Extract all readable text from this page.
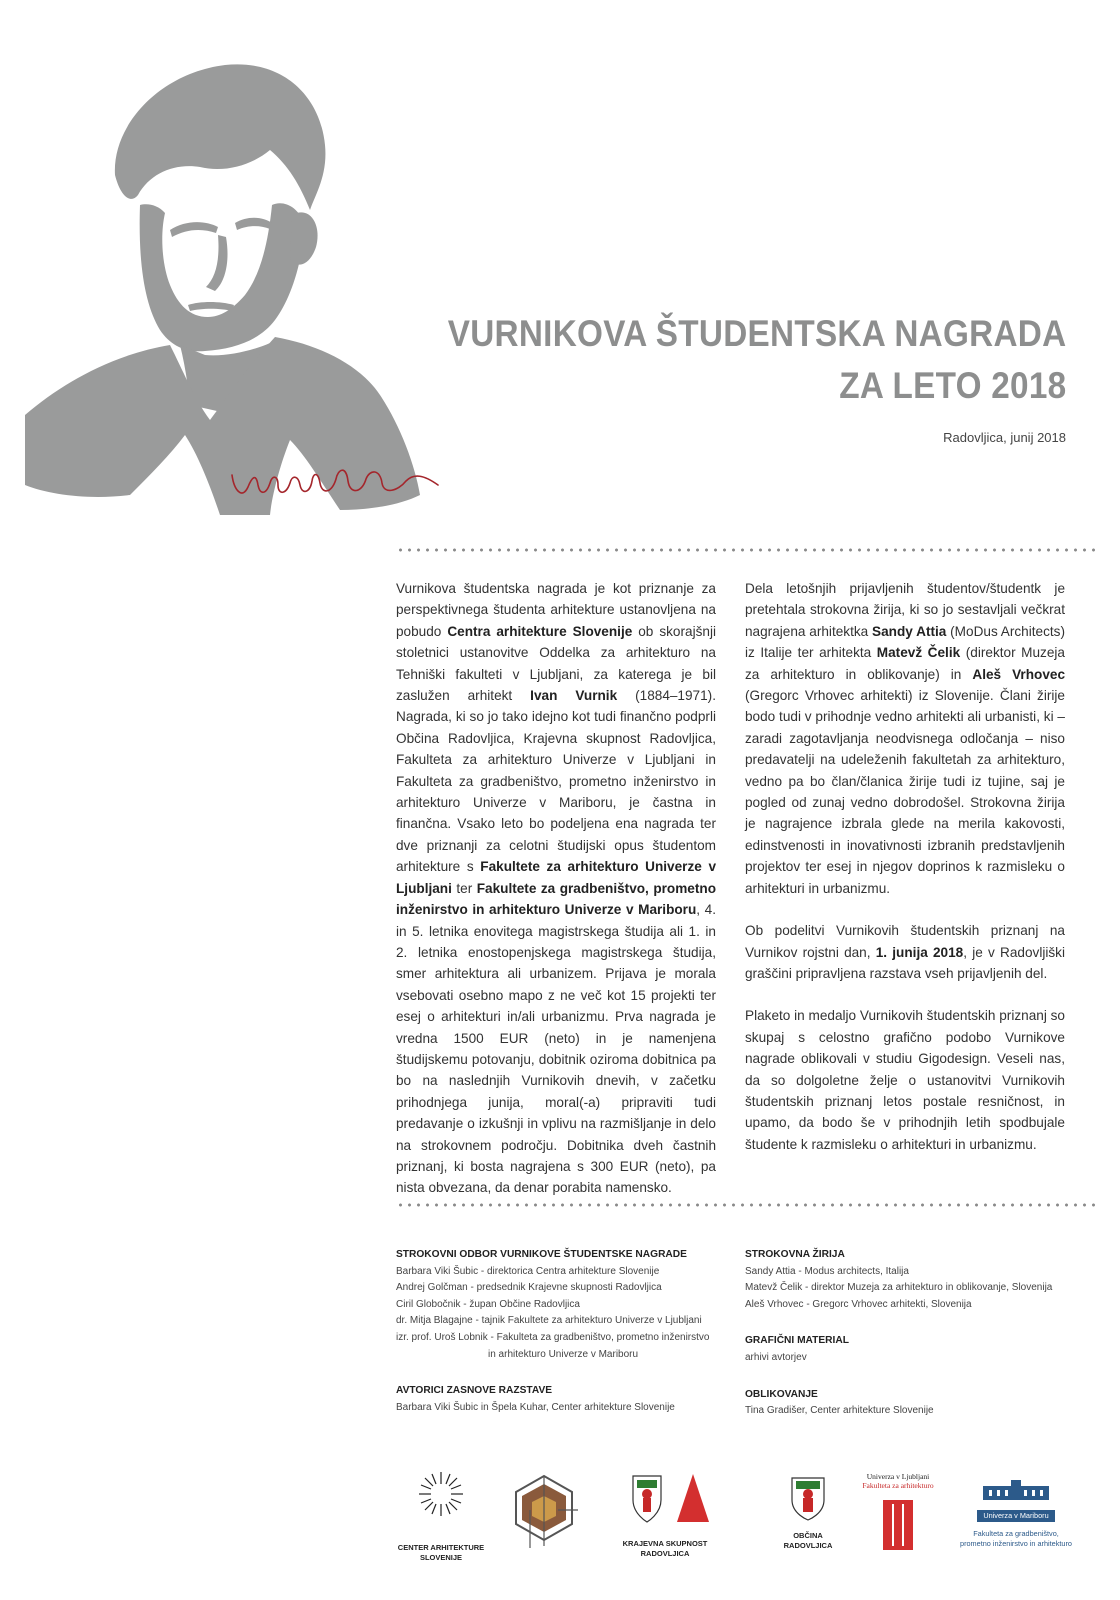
VURNIKOVA ŠTUDENTSKA NAGRADA
ZA LETO 2018
Radovljica, junij 2018

Vurnikova študentska nagrada je kot priznanje za perspektivnega študenta arhitekture ustanovljena na pobudo Centra arhitekture Slovenije ob skorajšnji stoletnici ustanovitve Oddelka za arhitekturo na Tehniški fakulteti v Ljubljani, za katerega je bil zaslužen arhitekt Ivan Vurnik (1884–1971). Nagrada, ki so jo tako idejno kot tudi finančno podprli Občina Radovljica, Krajevna skupnost Radovljica, Fakulteta za arhitekturo Univerze v Ljubljani in Fakulteta za gradbeništvo, prometno inženirstvo in arhitekturo Univerze v Mariboru, je častna in finančna. Vsako leto bo podeljena ena nagrada ter dve priznanji za celotni študijski opus študentom arhitekture s Fakultete za arhitekturo Univerze v Ljubljani ter Fakultete za gradbeništvo, prometno inženirstvo in arhitekturo Univerze v Mariboru, 4. in 5. letnika enovitega magistrskega študija ali 1. in 2. letnika enostopenjskega magistrskega študija, smer arhitektura ali urbanizem. Prijava je morala vsebovati osebno mapo z ne več kot 15 projekti ter esej o arhitekturi in/ali urbanizmu. Prva nagrada je vredna 1500 EUR (neto) in je namenjena študijskemu potovanju, dobitnik oziroma dobitnica pa bo na naslednjih Vurnikovih dnevih, v začetku prihodnjega junija, moral(-a) pripraviti tudi predavanje o izkušnji in vplivu na razmišljanje in delo na strokovnem področju. Dobitnika dveh častnih priznanj, ki bosta nagrajena s 300 EUR (neto), pa nista obvezana, da denar porabita namensko.

Dela letošnjih prijavljenih študentov/študentk je pretehtala strokovna žirija, ki so jo sestavljali večkrat nagrajena arhitektka Sandy Attia (MoDus Architects) iz Italije ter arhitekta Matevž Čelik (direktor Muzeja za arhitekturo in oblikovanje) in Aleš Vrhovec (Gregorc Vrhovec arhitekti) iz Slovenije. Člani žirije bodo tudi v prihodnje vedno arhitekti ali urbanisti, ki – zaradi zagotavljanja neodvisnega odločanja – niso predavatelji na udeleženih fakultetah za arhitekturo, vedno pa bo član/članica žirije tudi iz tujine, saj je pogled od zunaj vedno dobrodošel. Strokovna žirija je nagrajence izbrala glede na merila kakovosti, edinstvenosti in inovativnosti izbranih predstavljenih projektov ter esej in njegov doprinos k razmisleku o arhitekturi in urbanizmu.

Ob podelitvi Vurnikovih študentskih priznanj na Vurnikov rojstni dan, 1. junija 2018, je v Radovljiški graščini pripravljena razstava vseh prijavljenih del.

Plaketo in medaljo Vurnikovih študentskih priznanj so skupaj s celostno grafično podobo Vurnikove nagrade oblikovali v studiu Gigodesign. Veseli nas, da so dolgoletne želje o ustanovitvi Vurnikovih študentskih priznanj letos postale resničnost, in upamo, da bodo še v prihodnjih letih spodbujale študente k razmisleku o arhitekturi in urbanizmu.

STROKOVNI ODBOR VURNIKOVE ŠTUDENTSKE NAGRADE
Barbara Viki Šubic - direktorica Centra arhitekture Slovenije
Andrej Golčman - predsednik Krajevne skupnosti Radovljica
Ciril Globočnik - župan Občine Radovljica
dr. Mitja Blagajne - tajnik Fakultete za arhitekturo Univerze v Ljubljani
izr. prof. Uroš Lobnik - Fakulteta za gradbeništvo, prometno inženirstvo
in arhitekturo Univerze v Mariboru
AVTORICI ZASNOVE RAZSTAVE
Barbara Viki Šubic in Špela Kuhar, Center arhitekture Slovenije
STROKOVNA ŽIRIJA
Sandy Attia - Modus architects, Italija
Matevž Čelik - direktor Muzeja za arhitekturo in oblikovanje, Slovenija
Aleš Vrhovec - Gregorc Vrhovec arhitekti, Slovenija
GRAFIČNI MATERIAL
arhivi avtorjev
OBLIKOVANJE
Tina Gradišer, Center arhitekture Slovenije
CENTER ARHITEKTURE
SLOVENIJE
KRAJEVNA SKUPNOST RADOVLJICA
OBČINA RADOVLJICA
Univerza v Ljubljani
Fakulteta za arhitekturo
Univerza v Mariboru
Fakulteta za gradbeništvo,
prometno inženirstvo in arhitekturo
